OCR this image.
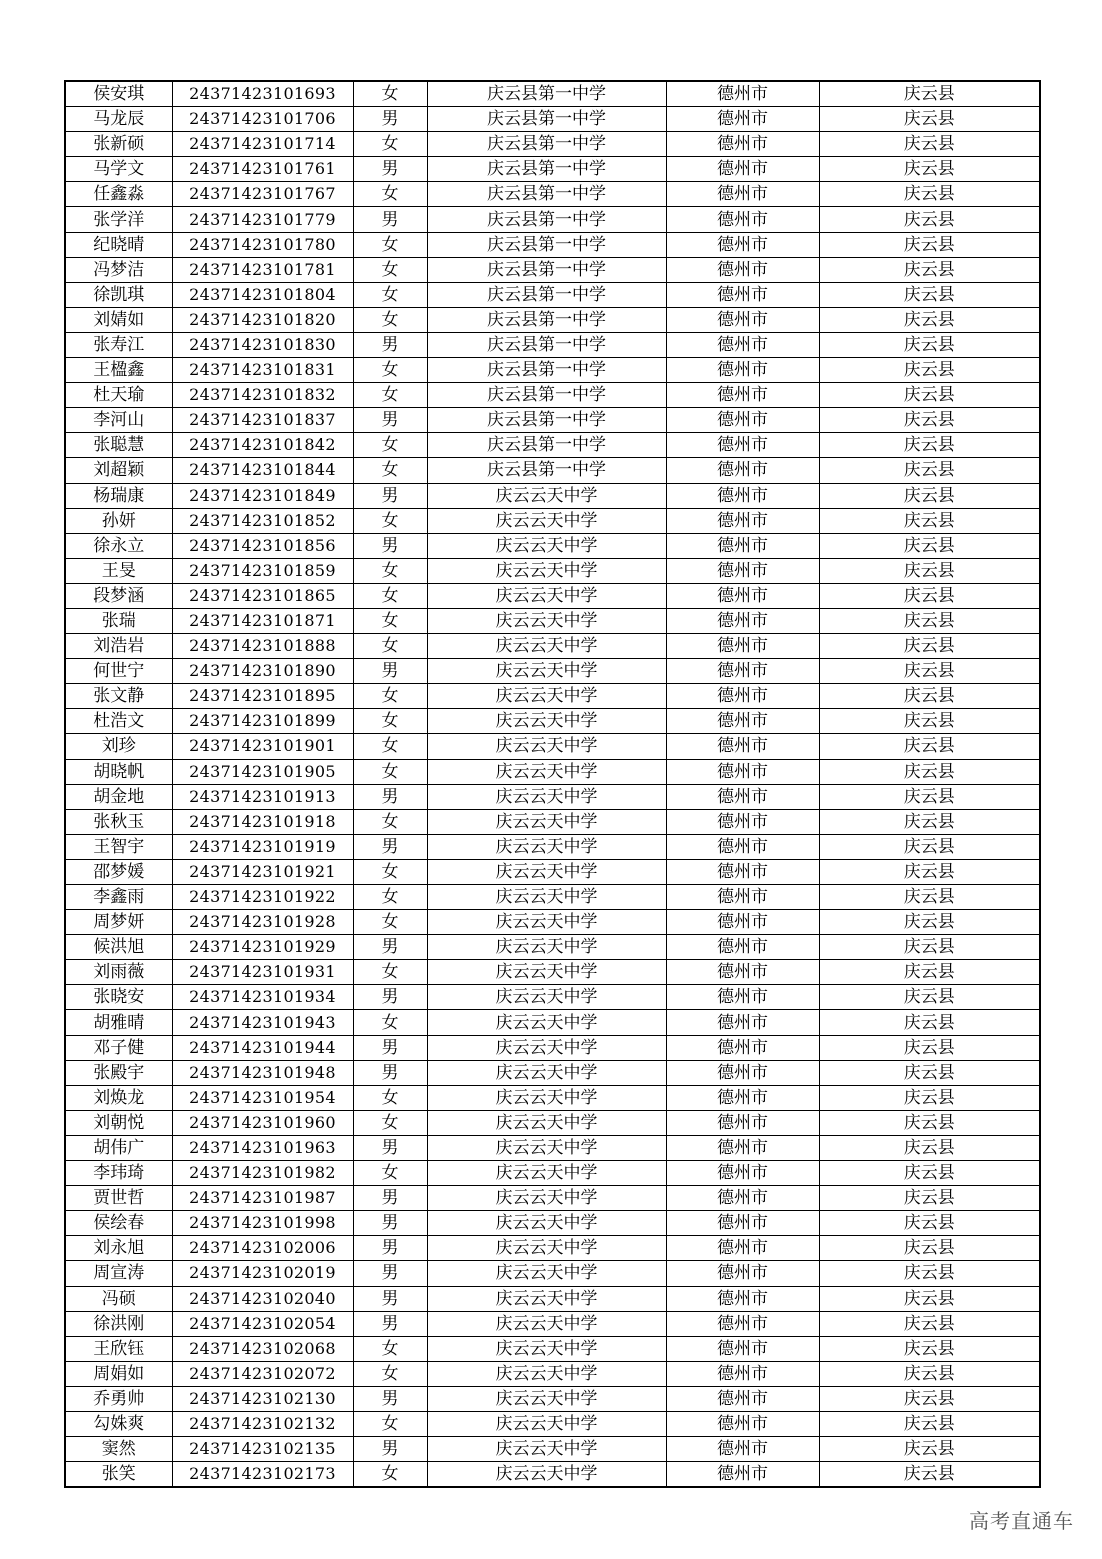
侯安琪	24371423101693	女	庆云县第一中学	德州市	庆云县
马龙辰	24371423101706	男	庆云县第一中学	德州市	庆云县
张新硕	24371423101714	女	庆云县第一中学	德州市	庆云县
马学文	24371423101761	男	庆云县第一中学	德州市	庆云县
任鑫淼	24371423101767	女	庆云县第一中学	德州市	庆云县
张学洋	24371423101779	男	庆云县第一中学	德州市	庆云县
纪晓晴	24371423101780	女	庆云县第一中学	德州市	庆云县
冯梦洁	24371423101781	女	庆云县第一中学	德州市	庆云县
徐凯琪	24371423101804	女	庆云县第一中学	德州市	庆云县
刘婧如	24371423101820	女	庆云县第一中学	德州市	庆云县
张寿江	24371423101830	男	庆云县第一中学	德州市	庆云县
王楹鑫	24371423101831	女	庆云县第一中学	德州市	庆云县
杜天瑜	24371423101832	女	庆云县第一中学	德州市	庆云县
李河山	24371423101837	男	庆云县第一中学	德州市	庆云县
张聪慧	24371423101842	女	庆云县第一中学	德州市	庆云县
刘超颖	24371423101844	女	庆云县第一中学	德州市	庆云县
杨瑞康	24371423101849	男	庆云云天中学	德州市	庆云县
孙妍	24371423101852	女	庆云云天中学	德州市	庆云县
徐永立	24371423101856	男	庆云云天中学	德州市	庆云县
王旻	24371423101859	女	庆云云天中学	德州市	庆云县
段梦涵	24371423101865	女	庆云云天中学	德州市	庆云县
张瑞	24371423101871	女	庆云云天中学	德州市	庆云县
刘浩岩	24371423101888	女	庆云云天中学	德州市	庆云县
何世宁	24371423101890	男	庆云云天中学	德州市	庆云县
张文静	24371423101895	女	庆云云天中学	德州市	庆云县
杜浩文	24371423101899	女	庆云云天中学	德州市	庆云县
刘珍	24371423101901	女	庆云云天中学	德州市	庆云县
胡晓帆	24371423101905	女	庆云云天中学	德州市	庆云县
胡金地	24371423101913	男	庆云云天中学	德州市	庆云县
张秋玉	24371423101918	女	庆云云天中学	德州市	庆云县
王智宇	24371423101919	男	庆云云天中学	德州市	庆云县
邵梦媛	24371423101921	女	庆云云天中学	德州市	庆云县
李鑫雨	24371423101922	女	庆云云天中学	德州市	庆云县
周梦妍	24371423101928	女	庆云云天中学	德州市	庆云县
候洪旭	24371423101929	男	庆云云天中学	德州市	庆云县
刘雨薇	24371423101931	女	庆云云天中学	德州市	庆云县
张晓安	24371423101934	男	庆云云天中学	德州市	庆云县
胡雅晴	24371423101943	女	庆云云天中学	德州市	庆云县
邓子健	24371423101944	男	庆云云天中学	德州市	庆云县
张殿宇	24371423101948	男	庆云云天中学	德州市	庆云县
刘焕龙	24371423101954	女	庆云云天中学	德州市	庆云县
刘朝悦	24371423101960	女	庆云云天中学	德州市	庆云县
胡伟广	24371423101963	男	庆云云天中学	德州市	庆云县
李玮琦	24371423101982	女	庆云云天中学	德州市	庆云县
贾世哲	24371423101987	男	庆云云天中学	德州市	庆云县
侯绘春	24371423101998	男	庆云云天中学	德州市	庆云县
刘永旭	24371423102006	男	庆云云天中学	德州市	庆云县
周宣涛	24371423102019	男	庆云云天中学	德州市	庆云县
冯硕	24371423102040	男	庆云云天中学	德州市	庆云县
徐洪刚	24371423102054	男	庆云云天中学	德州市	庆云县
王欣钰	24371423102068	女	庆云云天中学	德州市	庆云县
周娟如	24371423102072	女	庆云云天中学	德州市	庆云县
乔勇帅	24371423102130	男	庆云云天中学	德州市	庆云县
勾姝爽	24371423102132	女	庆云云天中学	德州市	庆云县
窦然	24371423102135	男	庆云云天中学	德州市	庆云县
张笑	24371423102173	女	庆云云天中学	德州市	庆云县
高考直通车
